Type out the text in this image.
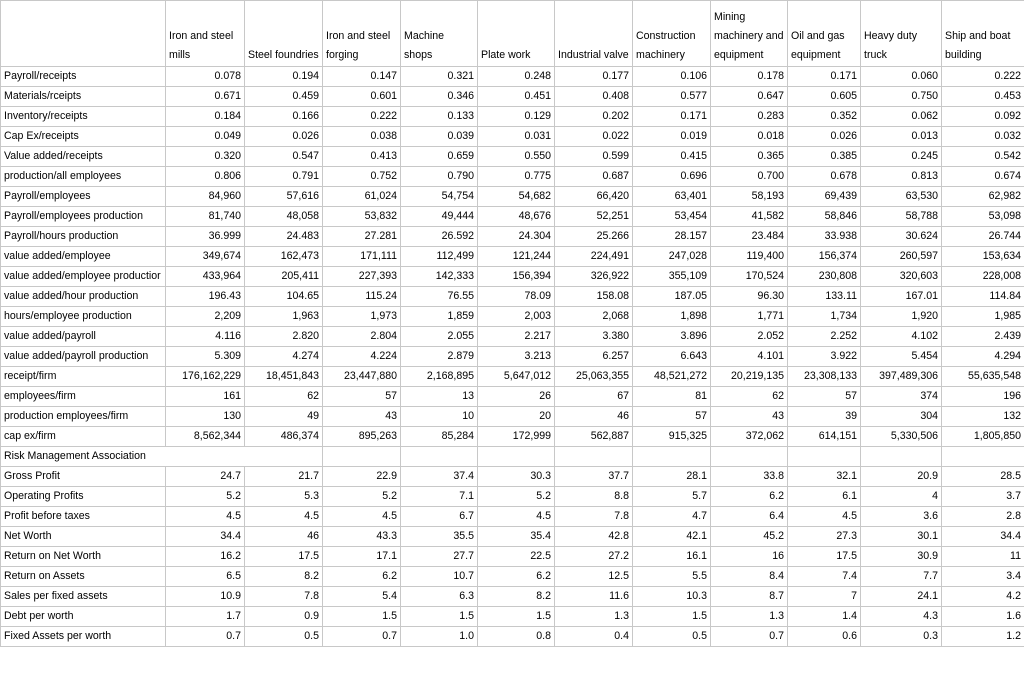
	Iron and steel mills	Steel foundries	Iron and steel forging	Machine shops	Plate work	Industrial valve	Construction machinery	Mining machinery and equipment	Oil and gas equipment	Heavy duty truck	Ship and boat building
Payroll/receipts	0.078	0.194	0.147	0.321	0.248	0.177	0.106	0.178	0.171	0.060	0.222
Materials/rceipts	0.671	0.459	0.601	0.346	0.451	0.408	0.577	0.647	0.605	0.750	0.453
Inventory/receipts	0.184	0.166	0.222	0.133	0.129	0.202	0.171	0.283	0.352	0.062	0.092
Cap Ex/receipts	0.049	0.026	0.038	0.039	0.031	0.022	0.019	0.018	0.026	0.013	0.032
Value added/receipts	0.320	0.547	0.413	0.659	0.550	0.599	0.415	0.365	0.385	0.245	0.542
production/all employees	0.806	0.791	0.752	0.790	0.775	0.687	0.696	0.700	0.678	0.813	0.674
Payroll/employees	84,960	57,616	61,024	54,754	54,682	66,420	63,401	58,193	69,439	63,530	62,982
Payroll/employees production	81,740	48,058	53,832	49,444	48,676	52,251	53,454	41,582	58,846	58,788	53,098
Payroll/hours production	36.999	24.483	27.281	26.592	24.304	25.266	28.157	23.484	33.938	30.624	26.744
value added/employee	349,674	162,473	171,111	112,499	121,244	224,491	247,028	119,400	156,374	260,597	153,634
value added/employee productior	433,964	205,411	227,393	142,333	156,394	326,922	355,109	170,524	230,808	320,603	228,008
value added/hour production	196.43	104.65	115.24	76.55	78.09	158.08	187.05	96.30	133.11	167.01	114.84
hours/employee production	2,209	1,963	1,973	1,859	2,003	2,068	1,898	1,771	1,734	1,920	1,985
value added/payroll	4.116	2.820	2.804	2.055	2.217	3.380	3.896	2.052	2.252	4.102	2.439
value added/payroll production	5.309	4.274	4.224	2.879	3.213	6.257	6.643	4.101	3.922	5.454	4.294
receipt/firm	176,162,229	18,451,843	23,447,880	2,168,895	5,647,012	25,063,355	48,521,272	20,219,135	23,308,133	397,489,306	55,635,548
employees/firm	161	62	57	13	26	67	81	62	57	374	196
production employees/firm	130	49	43	10	20	46	57	43	39	304	132
cap ex/firm	8,562,344	486,374	895,263	85,284	172,999	562,887	915,325	372,062	614,151	5,330,506	1,805,850
Risk Management Association											
Gross Profit	24.7	21.7	22.9	37.4	30.3	37.7	28.1	33.8	32.1	20.9	28.5
Operating Profits	5.2	5.3	5.2	7.1	5.2	8.8	5.7	6.2	6.1	4	3.7
Profit before taxes	4.5	4.5	4.5	6.7	4.5	7.8	4.7	6.4	4.5	3.6	2.8
Net Worth	34.4	46	43.3	35.5	35.4	42.8	42.1	45.2	27.3	30.1	34.4
Return on Net Worth	16.2	17.5	17.1	27.7	22.5	27.2	16.1	16	17.5	30.9	11
Return on Assets	6.5	8.2	6.2	10.7	6.2	12.5	5.5	8.4	7.4	7.7	3.4
Sales per fixed assets	10.9	7.8	5.4	6.3	8.2	11.6	10.3	8.7	7	24.1	4.2
Debt per worth	1.7	0.9	1.5	1.5	1.5	1.3	1.5	1.3	1.4	4.3	1.6
Fixed Assets per worth	0.7	0.5	0.7	1.0	0.8	0.4	0.5	0.7	0.6	0.3	1.2
